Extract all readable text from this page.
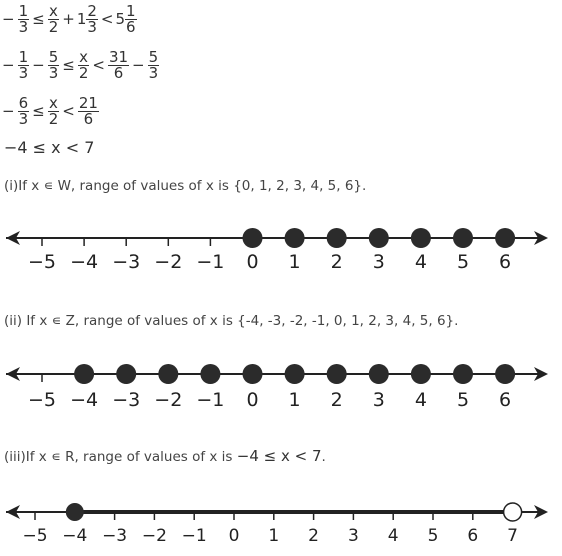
− $\frac{1}{3} \le \frac{x}{2} + 1 \frac{2}{3} < 5 \frac{1}{6}$
− $\frac{1}{3} - \frac{5}{3} \le \frac{x}{2} < \frac{31}{6} - \frac{5}{3}$
− $\frac{6}{3} \le \frac{x}{2} < \frac{21}{6}$
−4 ≤ x < 7
(i)If x ∊ W, range of values of x is {0, 1, 2, 3, 4, 5, 6}.
−5 −4 −3 −2 −1 0 1 2 3 4 5 6
(ii) If x ∊ Z, range of values of x is {-4, -3, -2, -1, 0, 1, 2, 3, 4, 5, 6}.
−5 −4 −3 −2 −1 0 1 2 3 4 5 6
(iii)If x ∊ R, range of values of x is −4 ≤ x < 7.
−5 −4 −3 −2 −1 0 1 2 3 4 5 6 7
